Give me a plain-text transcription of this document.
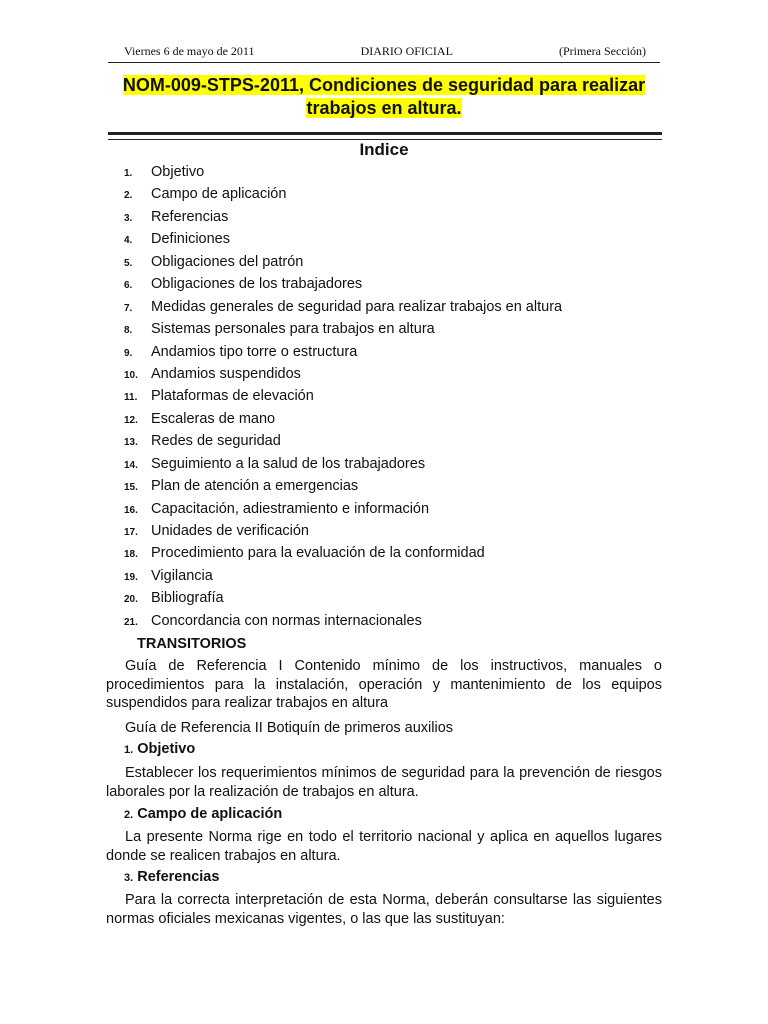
Viernes 6 de mayo de 2011	DIARIO OFICIAL	(Primera Sección)
NOM-009-STPS-2011, Condiciones de seguridad para realizar
trabajos en altura.
Indice
1.	Objetivo
2.	Campo de aplicación
3.	Referencias
4.	Definiciones
5.	Obligaciones del patrón
6.	Obligaciones de los trabajadores
7.	Medidas generales de seguridad para realizar trabajos en altura
8.	Sistemas personales para trabajos en altura
9.	Andamios tipo torre o estructura
10. Andamios suspendidos
11. Plataformas de elevación
12. Escaleras de mano
13. Redes de seguridad
14. Seguimiento a la salud de los trabajadores
15. Plan de atención a emergencias
16. Capacitación, adiestramiento e información
17. Unidades de verificación
18. Procedimiento para la evaluación de la conformidad
19. Vigilancia
20. Bibliografía
21. Concordancia con normas internacionales
TRANSITORIOS
Guía de Referencia I Contenido mínimo de los instructivos, manuales o procedimientos para la instalación, operación y mantenimiento de los equipos suspendidos para realizar trabajos en altura
Guía de Referencia II Botiquín de primeros auxilios
1. Objetivo
Establecer los requerimientos mínimos de seguridad para la prevención de riesgos laborales por la realización de trabajos en altura.
2. Campo de aplicación
La presente Norma rige en todo el territorio nacional y aplica en aquellos lugares donde se realicen trabajos en altura.
3. Referencias
Para la correcta interpretación de esta Norma, deberán consultarse las siguientes normas oficiales mexicanas vigentes, o las que las sustituyan:
